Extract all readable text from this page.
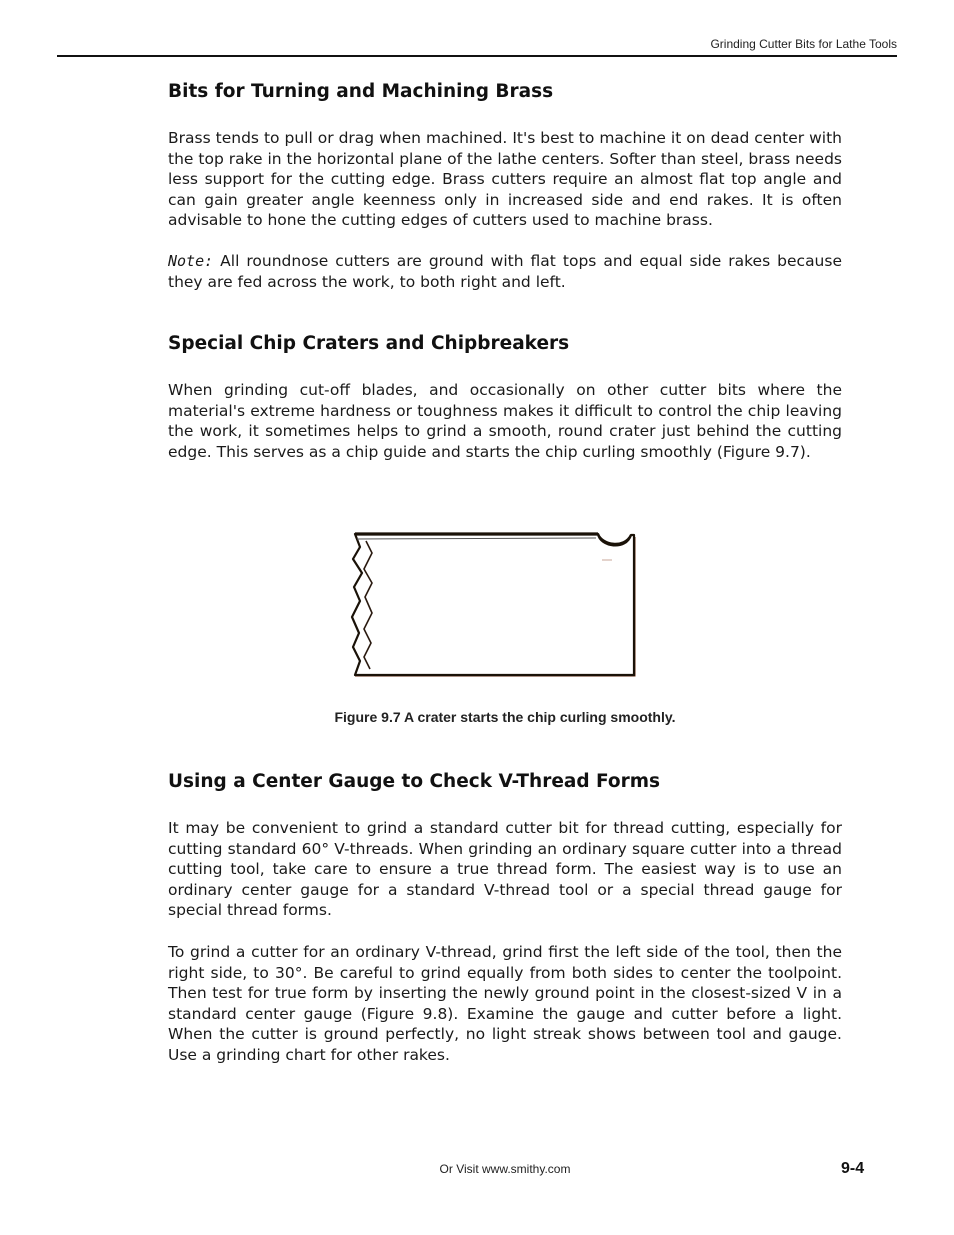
Grinding Cutter Bits for Lathe Tools
Bits for Turning and Machining Brass

Brass tends to pull or drag when machined. It's best to machine it on dead center with the top rake in the horizontal plane of the lathe centers. Softer than steel, brass needs less support for the cutting edge. Brass cutters require an almost flat top angle and can gain greater angle keenness only in increased side and end rakes. It is often advisable to hone the cutting edges of cutters used to machine brass.

Note: All roundnose cutters are ground with flat tops and equal side rakes because they are fed across the work, to both right and left.

Special Chip Craters and Chipbreakers

When grinding cut-off blades, and occasionally on other cutter bits where the material's extreme hardness or toughness makes it difficult to control the chip leaving the work, it sometimes helps to grind a smooth, round crater just behind the cutting edge. This serves as a chip guide and starts the chip curling smoothly (Figure 9.7).

Figure 9.7 A crater starts the chip curling smoothly.
Using a Center Gauge to Check V-Thread Forms

It may be convenient to grind a standard cutter bit for thread cutting, especially for cutting standard 60° V-threads. When grinding an ordinary square cutter into a thread cutting tool, take care to ensure a true thread form. The easiest way is to use an ordinary center gauge for a standard V-thread tool or a special thread gauge for special thread forms.

To grind a cutter for an ordinary V-thread, grind first the left side of the tool, then the right side, to 30°. Be careful to grind equally from both sides to center the toolpoint. Then test for true form by inserting the newly ground point in the closest-sized V in a standard center gauge (Figure 9.8). Examine the gauge and cutter before a light. When the cutter is ground perfectly, no light streak shows between tool and gauge. Use a grinding chart for other rakes.

Or Visit www.smithy.com	9-4
